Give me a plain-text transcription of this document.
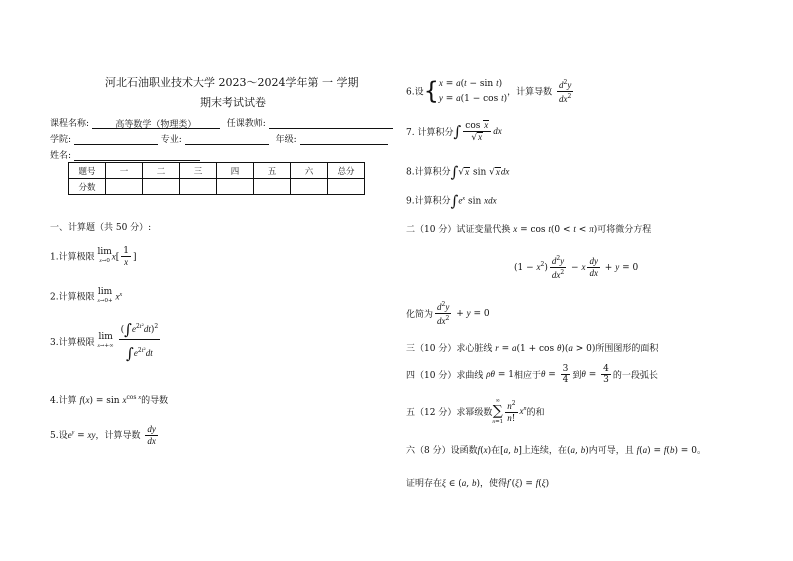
河北石油职业技术大学 2023～2024学年第 一 学期
期末考试试卷
课程名称:	高等数学（物理类）	任课教师:
学院:	专业:	年级:
姓名:
题号	一	二	三	四	五	六	总分
分数							
一、计算题（共 50 分）:
1.计算极限
lim
x→0 $x[ \frac{1}{x}$ ]
2.计算极限
lim
$x\to 0+ x^x$
3.计算极限
lim
x→+∞
$\frac{(\int e^{2t^2}dt)^2}{\int e^{2t^2}dt}$
4.计算 $f(x) = \sin x^{cos x}$的导数
5.设$e^y$ = xy，计算导数 $\frac{dy}{dx}$
6.设{ x = a(t − sin t)
y = a(1 − cos t)
，计算导数 $\frac{d^2y}{dx^2}$
7. 计算积分∫ $\frac{\text{cos x}}{√x}$ dx
8.计算积分∫√x sin √xdx
9.计算积分$\int e^x$ sin xdx
二（10 分）试证变量代换 x = cos t(0 < t < π)可将微分方程
$(1 - x^2) \frac{d^2y}{dx^2} - x \frac{dy}{dx} + y = 0$
化简为 $\frac{d^2y}{dx^2} + y = 0$
三（10 分）求心脏线 r = a(1 + cos θ)(a > 0)所围图形的面积
四（10 分）求曲线 ρθ = 1相应于$\theta = \frac{3}{4}$ 到$\theta = \frac{4}{3}$ 的一段弧长
五（12 分）求幂级数
∞
∑
$n=1 \frac{n^2}{n!} x^n$的和
六（8 分）设函数f(x)在[a, b]上连续，在(a, b)内可导，且 f(a) = f(b) = 0。
证明存在ξ ∈ (a, b)，使得f′(ξ) = f(ξ)
